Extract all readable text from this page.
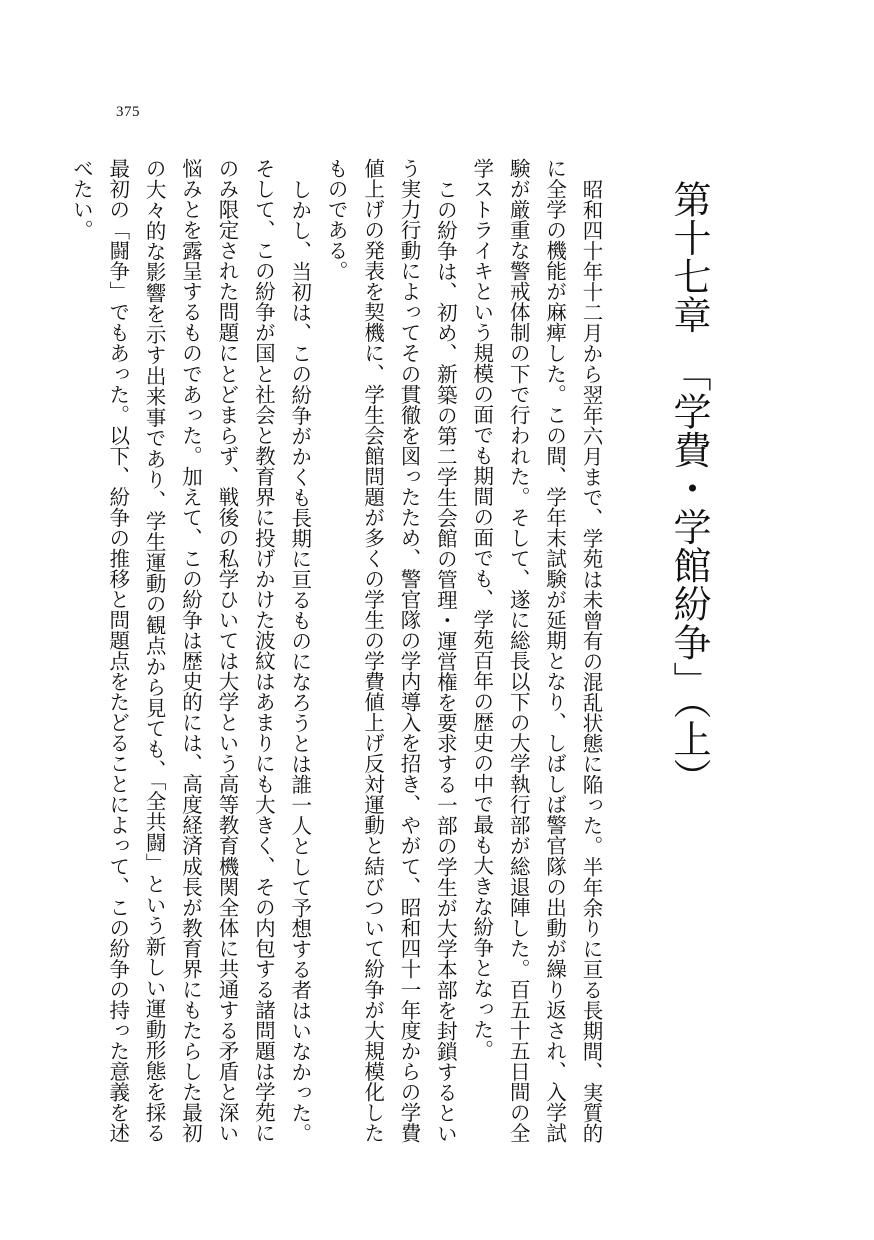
375
第十七章　「学費・学館紛争」（上）

昭和四十年十二月から翌年六月まで、学苑は未曾有の混乱状態に陥った。半年余りに亘る長期間、実質的に全学の機能が麻痺した。この間、学年末試験が延期となり、しばしば警官隊の出動が繰り返され、入学試験が厳重な警戒体制の下で行われた。そして、遂に総長以下の大学執行部が総退陣した。百五十五日間の全学ストライキという規模の面でも期間の面でも、学苑百年の歴史の中で最も大きな紛争となった。

この紛争は、初め、新築の第二学生会館の管理・運営権を要求する一部の学生が大学本部を封鎖するという実力行動によってその貫徹を図ったため、警官隊の学内導入を招き、やがて、昭和四十一年度からの学費値上げの発表を契機に、学生会館問題が多くの学生の学費値上げ反対運動と結びついて紛争が大規模化したものである。

しかし、当初は、この紛争がかくも長期に亘るものになろうとは誰一人として予想する者はいなかった。そして、この紛争が国と社会と教育界に投げかけた波紋はあまりにも大きく、その内包する諸問題は学苑にのみ限定された問題にとどまらず、戦後の私学ひいては大学という高等教育機関全体に共通する矛盾と深い悩みとを露呈するものであった。加えて、この紛争は歴史的には、高度経済成長が教育界にもたらした最初の大々的な影響を示す出来事であり、学生運動の観点から見ても、「全共闘」という新しい運動形態を採る最初の「闘争」でもあった。以下、紛争の推移と問題点をたどることによって、この紛争の持った意義を述べたい。
